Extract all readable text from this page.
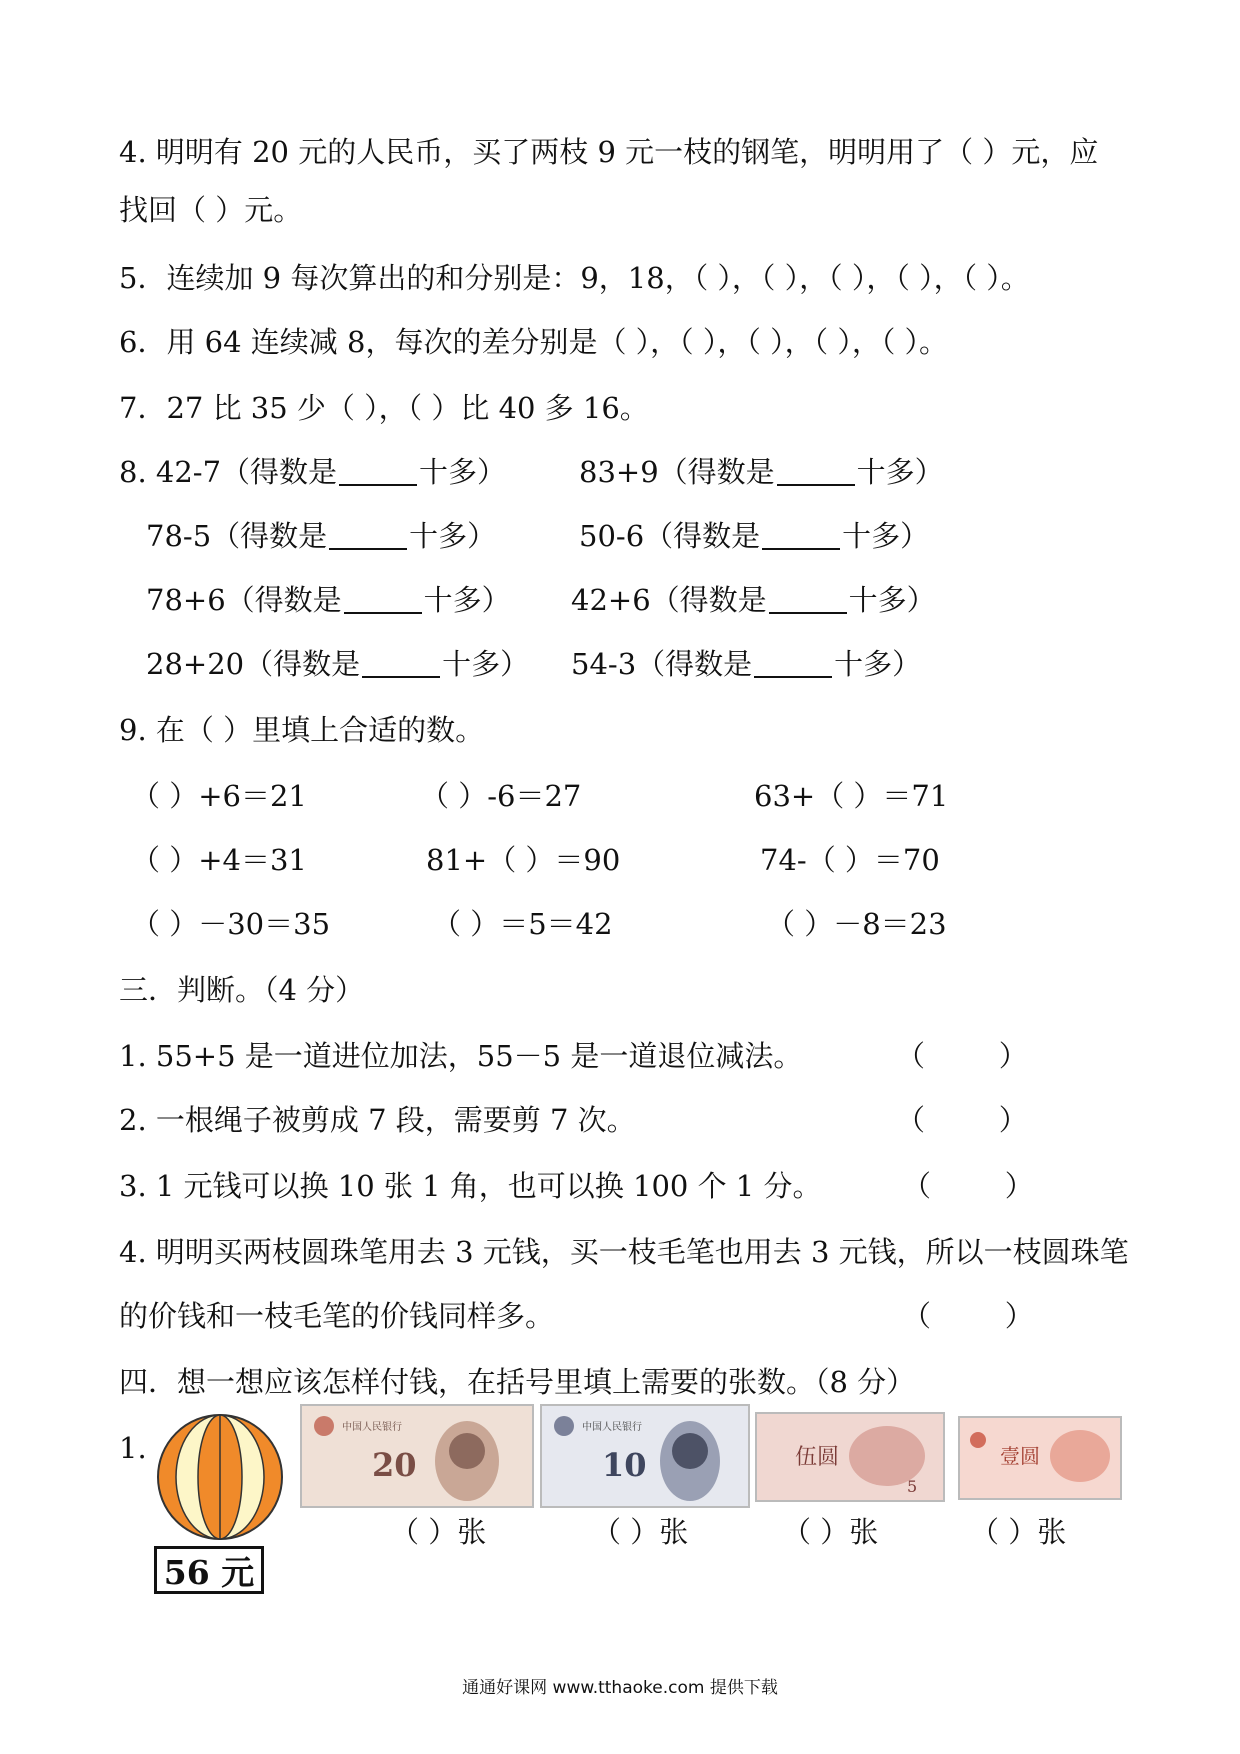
4. 明明有 20 元的人民币，买了两枝 9 元一枝的钢笔，明明用了（ ）元，应
找回（ ）元。
5．连续加 9 每次算出的和分别是：9，18，（ ），（ ），（ ），（ ），（ ）。
6．用 64 连续减 8，每次的差分别是（ ），（ ），（ ），（ ），（ ）。
7．27 比 35 少（ ），（ ）比 40 多 16。
8. 42-7（得数是	十多）	83+9（得数是	十多）
78-5（得数是	十多）	50-6（得数是	十多）
78+6（得数是	十多） 42+6（得数是	十多）
28+20（得数是	十多） 54-3（得数是	十多）
9. 在（ ）里填上合适的数。
（ ）+6＝21	（ ）-6＝27	63+（ ）＝71
（ ）+4＝31	81+（ ）＝90	74-（ ）＝70
（ ）－30＝35	（ ）＝5＝42	（ ）－8＝23
三．判断。（4 分）
1. 55+5 是一道进位加法，55－5 是一道退位减法。	（        ）
2. 一根绳子被剪成 7 段，需要剪 7 次。	（        ）
3. 1 元钱可以换 10 张 1 角，也可以换 100 个 1 分。	（        ）
4. 明明买两枝圆珠笔用去 3 元钱，买一枝毛笔也用去 3 元钱，所以一枝圆珠笔
的价钱和一枝毛笔的价钱同样多。	（        ）
四．想一想应该怎样付钱，在括号里填上需要的张数。（8 分）
1.
56 元
中国人民银行
20
中国人民银行
10	伍圆
5
壹圆
（ ）张	（ ）张	（ ）张	（ ）张
通通好课网 www.tthaoke.com 提供下载
